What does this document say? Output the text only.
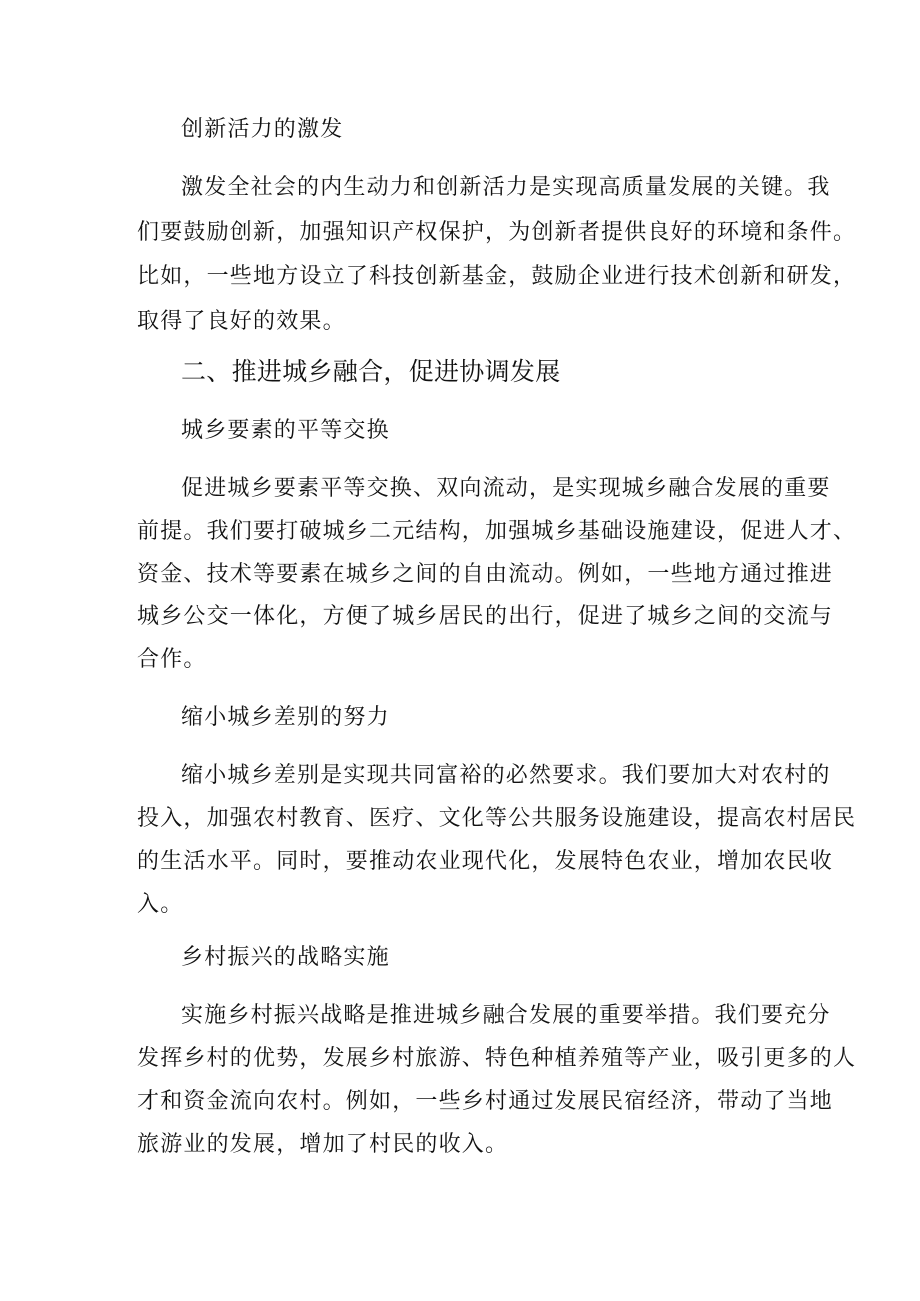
创新活力的激发
激发全社会的内生动力和创新活力是实现高质量发展的关键。我
们要鼓励创新，加强知识产权保护，为创新者提供良好的环境和条件。
比如，一些地方设立了科技创新基金，鼓励企业进行技术创新和研发，
取得了良好的效果。
二、推进城乡融合，促进协调发展
城乡要素的平等交换
促进城乡要素平等交换、双向流动，是实现城乡融合发展的重要
前提。我们要打破城乡二元结构，加强城乡基础设施建设，促进人才、
资金、技术等要素在城乡之间的自由流动。例如，一些地方通过推进
城乡公交一体化，方便了城乡居民的出行，促进了城乡之间的交流与
合作。
缩小城乡差别的努力
缩小城乡差别是实现共同富裕的必然要求。我们要加大对农村的
投入，加强农村教育、医疗、文化等公共服务设施建设，提高农村居民
的生活水平。同时，要推动农业现代化，发展特色农业，增加农民收
入。
乡村振兴的战略实施
实施乡村振兴战略是推进城乡融合发展的重要举措。我们要充分
发挥乡村的优势，发展乡村旅游、特色种植养殖等产业，吸引更多的人
才和资金流向农村。例如，一些乡村通过发展民宿经济，带动了当地
旅游业的发展，增加了村民的收入。
